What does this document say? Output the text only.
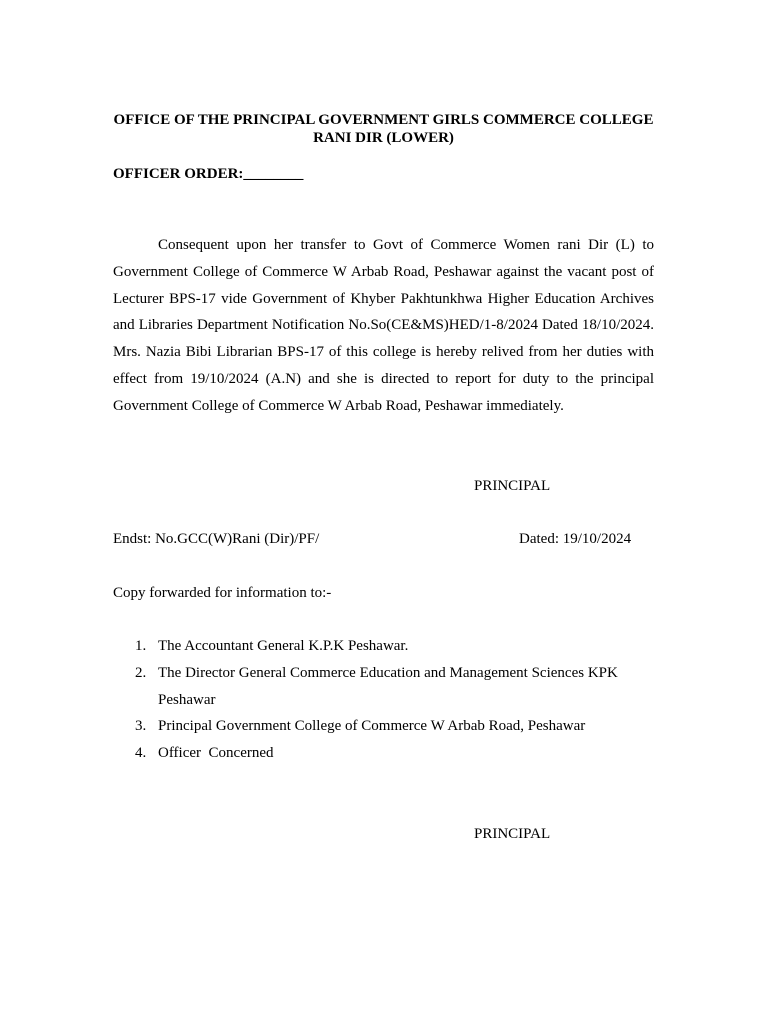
OFFICE OF THE PRINCIPAL GOVERNMENT GIRLS COMMERCE COLLEGE RANI DIR (LOWER)
OFFICER ORDER:________

Consequent upon her transfer to Govt of Commerce Women rani Dir (L) to Government College of Commerce W Arbab Road, Peshawar against the vacant post of Lecturer BPS-17 vide Government of Khyber Pakhtunkhwa Higher Education Archives and Libraries Department Notification No.So(CE&MS)HED/1-8/2024 Dated 18/10/2024. Mrs. Nazia Bibi Librarian BPS-17 of this college is hereby relived from her duties with effect from 19/10/2024 (A.N) and she is directed to report for duty to the principal Government College of Commerce W Arbab Road, Peshawar immediately.

PRINCIPAL
Endst: No.GCC(W)Rani (Dir)/PF/	Dated: 19/10/2024
Copy forwarded for information to:-
1. The Accountant General K.P.K Peshawar.
2. The Director General Commerce Education and Management Sciences KPK Peshawar
3. Principal Government College of Commerce W Arbab Road, Peshawar
4. Officer  Concerned
PRINCIPAL
